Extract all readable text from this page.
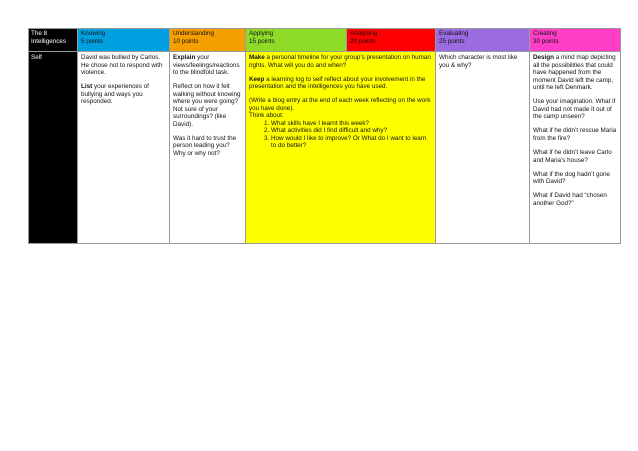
The 8 Intelligences
Knowing
5 points
Understanding
10 points
Applying
15 points
Analysing
20 points
Evaluating
25 points
Creating
30 points
Self	David was bullied by Carlos. He chose not to respond with violence.
List your experiences of bullying and ways you responded.
Explain your views/feelings/reactions to the blindfold task.
Reflect on how it felt walking without knowing where you were going? Not sure of your surroundings? (like David).
Was it hard to trust the person leading you? Why or why not?
Make a personal timeline for your group’s presentation on human rights. What will you do and when?
Keep a learning log to self reflect about your involvement in the presentation and the intelligences you have used.
(Write a blog entry at the end of each week reflecting on the work you have done).
Think about:
1. What skills have I learnt this week?
2. What activities did I find difficult and why?
3. How would I like to improve? Or What do I want to learn to do better?
Which character is most like you & why?
Design a mind map depicting all the possibilities that could have happened from the moment David left the camp, until he left Denmark.
Use your imagination. What if David had not made it out of the camp unseen?
What if he didn’t rescue Maria from the fire?
What if he didn’t leave Carlo and Maria’s house?
What if the dog hadn’t gone with David?
What if David had “chosen another God?”
